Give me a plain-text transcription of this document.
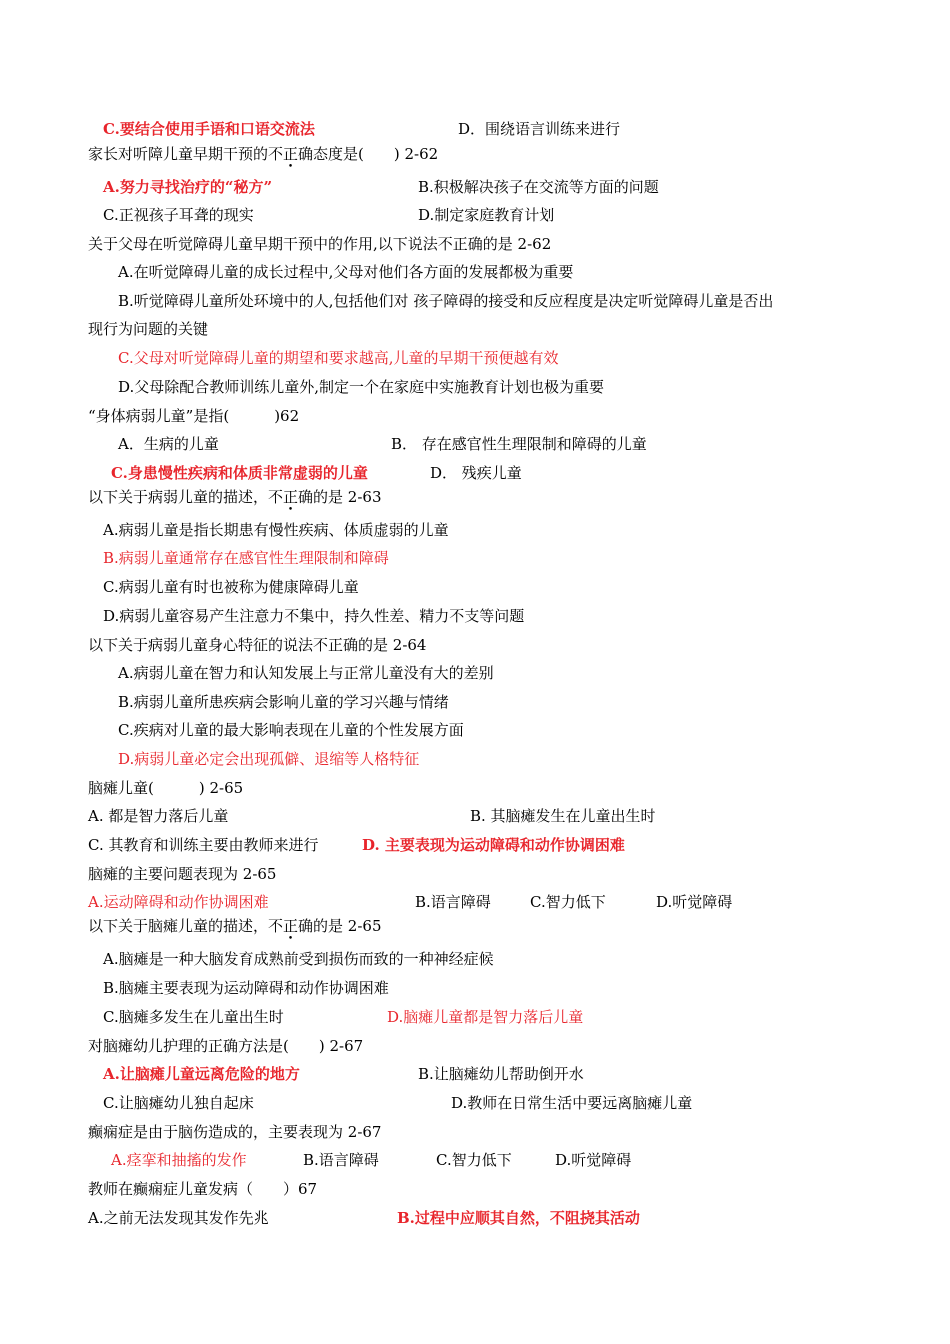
C.要结合使用手语和口语交流法	D．围绕语言训练来进行
家长对听障儿童早期干预的不正确态度是(　　) 2-62
A.努力寻找治疗的“秘方”	B.积极解决孩子在交流等方面的问题
C.正视孩子耳聋的现实	D.制定家庭教育计划
关于父母在听觉障碍儿童早期干预中的作用,以下说法不正确的是 2-62
A.在听觉障碍儿童的成长过程中,父母对他们各方面的发展都极为重要
B.听觉障碍儿童所处环境中的人,包括他们对 孩子障碍的接受和反应程度是决定听觉障碍儿童是否出
现行为问题的关键
C.父母对听觉障碍儿童的期望和要求越高,儿童的早期干预便越有效
D.父母除配合教师训练儿童外,制定一个在家庭中实施教育计划也极为重要
“身体病弱儿童”是指(　　　)62
A．生病的儿童	B． 存在感官性生理限制和障碍的儿童
C.身患慢性疾病和体质非常虚弱的儿童	D． 残疾儿童
以下关于病弱儿童的描述，不正确的是 2-63
A.病弱儿童是指长期患有慢性疾病、体质虚弱的儿童
B.病弱儿童通常存在感官性生理限制和障碍
C.病弱儿童有时也被称为健康障碍儿童
D.病弱儿童容易产生注意力不集中，持久性差、精力不支等问题
以下关于病弱儿童身心特征的说法不正确的是 2-64
A.病弱儿童在智力和认知发展上与正常儿童没有大的差别
B.病弱儿童所患疾病会影响儿童的学习兴趣与情绪
C.疾病对儿童的最大影响表现在儿童的个性发展方面
D.病弱儿童必定会出现孤僻、退缩等人格特征
脑瘫儿童(　　　) 2-65
A. 都是智力落后儿童	B. 其脑瘫发生在儿童出生时
C. 其教育和训练主要由教师来进行	D. 主要表现为运动障碍和动作协调困难
脑瘫的主要问题表现为 2-65
A.运动障碍和动作协调困难	B.语言障碍	C.智力低下	D.听觉障碍
以下关于脑瘫儿童的描述，不正确的是 2-65
A.脑瘫是一种大脑发育成熟前受到损伤而致的一种神经症候
B.脑瘫主要表现为运动障碍和动作协调困难
C.脑瘫多发生在儿童出生时	D.脑瘫儿童都是智力落后儿童
对脑瘫幼儿护理的正确方法是(　　) 2-67
A.让脑瘫儿童远离危险的地方	B.让脑瘫幼儿帮助倒开水
C.让脑瘫幼儿独自起床	D.教师在日常生活中要远离脑瘫儿童
癫痫症是由于脑伤造成的，主要表现为 2-67
A.痉挛和抽搐的发作	B.语言障碍	C.智力低下	D.听觉障碍
教师在癫痫症儿童发病（　　）67
A.之前无法发现其发作先兆	B.过程中应顺其自然，不阻挠其活动
